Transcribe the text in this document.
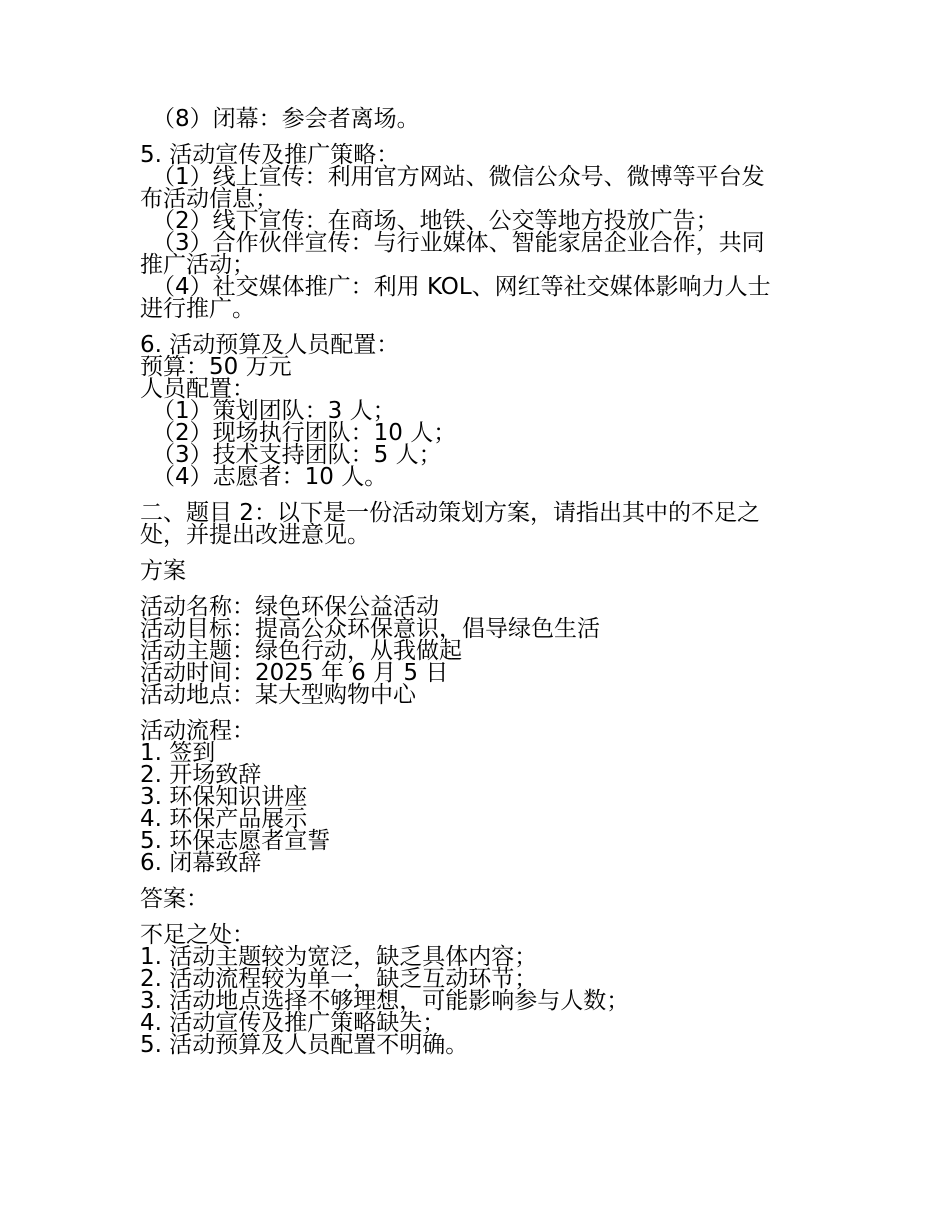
（8）闭幕：参会者离场。
5. 活动宣传及推广策略：
（1）线上宣传：利用官方网站、微信公众号、微博等平台发
布活动信息；
（2）线下宣传：在商场、地铁、公交等地方投放广告；
（3）合作伙伴宣传：与行业媒体、智能家居企业合作，共同
推广活动；
（4）社交媒体推广：利用 KOL、网红等社交媒体影响力人士
进行推广。
6. 活动预算及人员配置：
预算：50 万元
人员配置：
（1）策划团队：3 人；
（2）现场执行团队：10 人；
（3）技术支持团队：5 人；
（4）志愿者：10 人。
二、题目 2：以下是一份活动策划方案，请指出其中的不足之
处，并提出改进意见。
方案
活动名称：绿色环保公益活动
活动目标：提高公众环保意识，倡导绿色生活
活动主题：绿色行动，从我做起
活动时间：2025 年 6 月 5 日
活动地点：某大型购物中心
活动流程：
1. 签到
2. 开场致辞
3. 环保知识讲座
4. 环保产品展示
5. 环保志愿者宣誓
6. 闭幕致辞
答案：
不足之处：
1. 活动主题较为宽泛，缺乏具体内容；
2. 活动流程较为单一，缺乏互动环节；
3. 活动地点选择不够理想，可能影响参与人数；
4. 活动宣传及推广策略缺失；
5. 活动预算及人员配置不明确。
